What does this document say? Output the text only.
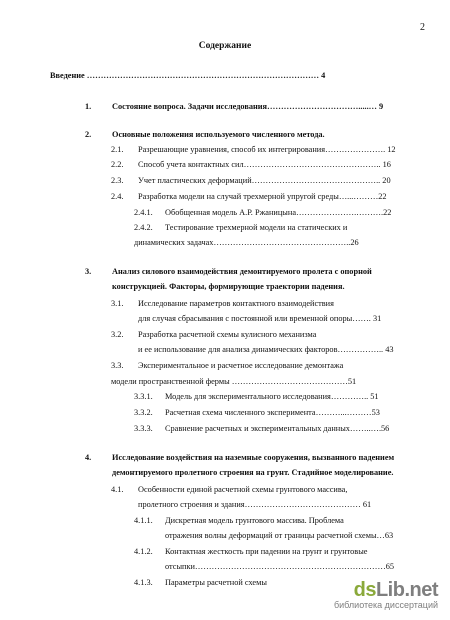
2
Содержание
Введение ………………………………………………………………………… 4
1.	Состояние вопроса. Задачи исследования…………………………….....… 9
2.	Основные положения используемого численного метода.
2.1. Разрешающие уравнения, способ их интегрирования…………………. 12
2.2. Способ учета контактных сил………………………………………….. 16
2.3. Учет пластических деформаций……………………………………….. 20
2.4. Разработка модели на случай трехмерной упругой среды…...………22
2.4.1. Обобщенная модель А.Р. Ржаницына………………….……….22
2.4.2. Тестирование трехмерной модели на статических и
динамических задачах…………………………………………..26
3.	Анализ силового взаимодействия демонтируемого пролета с опорной
конструкцией. Факторы, формирующие траектории падения.
3.1. Исследование параметров контактного взаимодействия
для случая сбрасывания с постоянной или временной опоры……. 31
3.2. Разработка расчетной схемы кулисного механизма
и ее использование для анализа динамических факторов…………….. 43
3.3. Экспериментальное и расчетное исследование демонтажа
модели пространственной фермы ……………………………………51
3.3.1. Модель для экспериментального исследования………….. 51
3.3.2. Расчетная схема численного эксперимента………...………53
3.3.3. Сравнение расчетных и экспериментальных данных……..….56
4.	Исследование воздействия на наземные сооружения, вызванного падением
демонтируемого пролетного строения на грунт. Стадийное моделирование.
4.1. Особенности единой расчетной схемы грунтового массива,
пролетного строения и здания…………………………………… 61
4.1.1. Дискретная модель грунтового массива. Проблема
отражения волны деформаций от границы расчетной схемы…63
4.1.2. Контактная жесткость при падении на грунт и грунтовые
отсыпки……………………………………………………………65
4.1.3. Параметры расчетной схемы	dsLib.net
библиотека диссертаций
